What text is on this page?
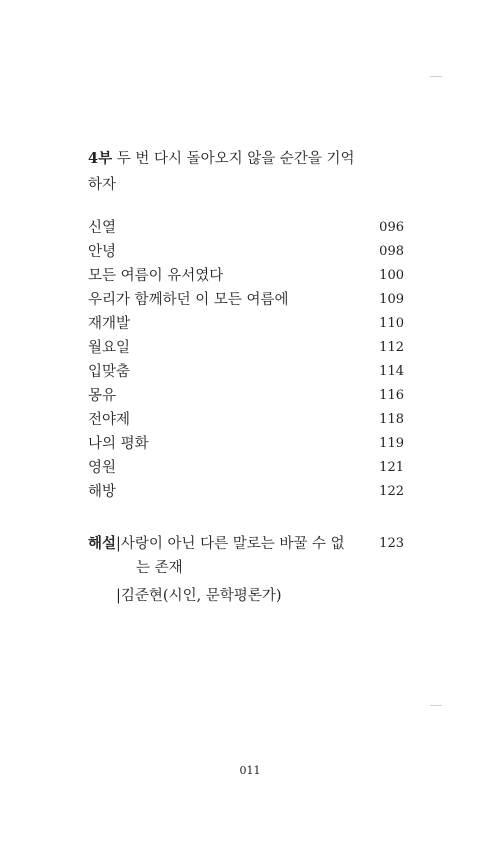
4부 두 번 다시 돌아오지 않을 순간을 기억
하자
신열	096
안녕	098
모든 여름이 유서였다	100
우리가 함께하던 이 모든 여름에	109
재개발	110
월요일	112
입맞춤	114
몽유	116
전야제	118
나의 평화	119
영원	121
해방	122
해설|사랑이 아닌 다른 말로는 바꿀 수 없	123
는 존재
|김준현(시인, 문학평론가)
011
